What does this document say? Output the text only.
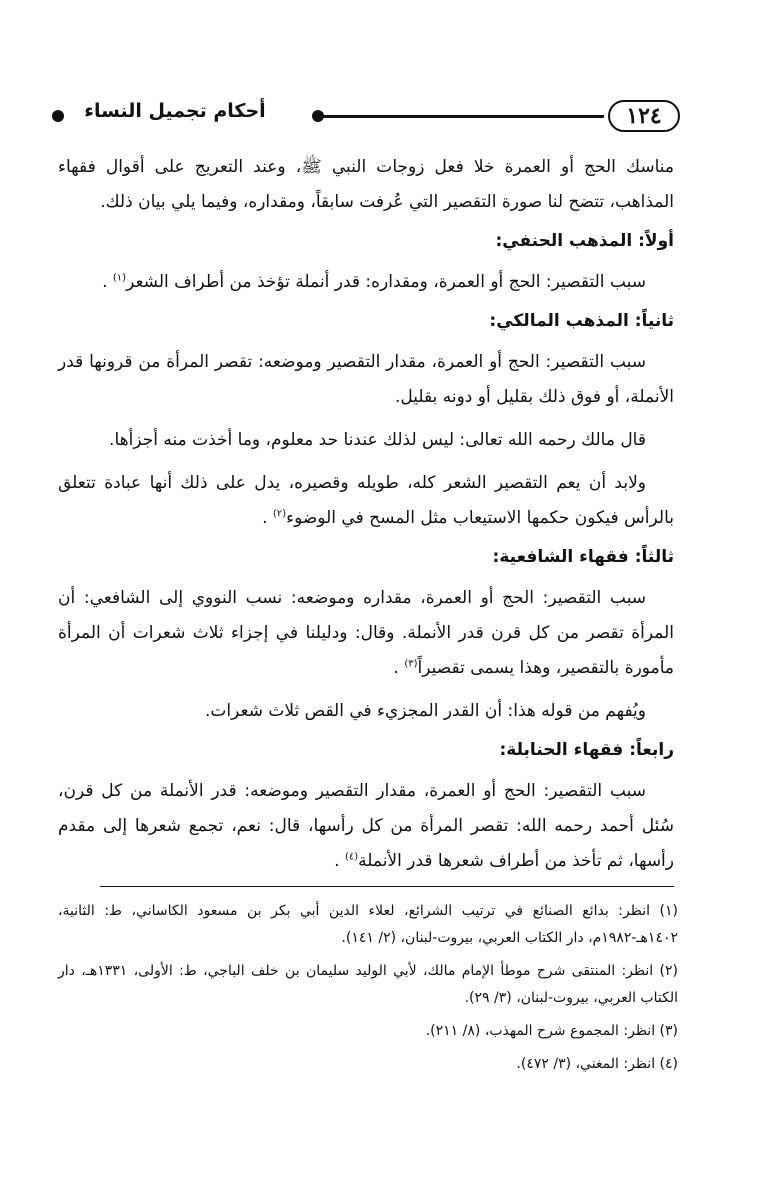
١٢٤
أحكام تجميل النساء

مناسك الحج أو العمرة خلا فعل زوجات النبي ﷺ، وعند التعريج على أقوال فقهاء المذاهب، تتضح لنا صورة التقصير التي عُرفت سابقاً، ومقداره، وفيما يلي بيان ذلك.

أولاً: المذهب الحنفي:

سبب التقصير: الحج أو العمرة، ومقداره: قدر أنملة تؤخذ من أطراف الشعر$^{(١)}$ .

ثانياً: المذهب المالكي:

سبب التقصير: الحج أو العمرة، مقدار التقصير وموضعه: تقصر المرأة من قرونها قدر الأنملة، أو فوق ذلك بقليل أو دونه بقليل.

قال مالك رحمه الله تعالى: ليس لذلك عندنا حد معلوم، وما أخذت منه أجزأها.

ولابد أن يعم التقصير الشعر كله، طويله وقصيره، يدل على ذلك أنها عبادة تتعلق بالرأس فيكون حكمها الاستيعاب مثل المسح في الوضوء$^{(٢)}$ .

ثالثاً: فقهاء الشافعية:

سبب التقصير: الحج أو العمرة، مقداره وموضعه: نسب النووي إلى الشافعي: أن المرأة تقصر من كل قرن قدر الأنملة. وقال: ودليلنا في إجزاء ثلاث شعرات أن المرأة مأمورة بالتقصير، وهذا يسمى تقصيراً$^{(٣)}$ .

ويُفهم من قوله هذا: أن القدر المجزيء في القص ثلاث شعرات.

رابعاً: فقهاء الحنابلة:

سبب التقصير: الحج أو العمرة، مقدار التقصير وموضعه: قدر الأنملة من كل قرن، سُئل أحمد رحمه الله: تقصر المرأة من كل رأسها، قال: نعم، تجمع شعرها إلى مقدم رأسها، ثم تأخذ من أطراف شعرها قدر الأنملة$^{(٤)}$ .

(١) انظر: بدائع الصنائع في ترتيب الشرائع، لعلاء الدين أبي بكر بن مسعود الكاساني، ط: الثانية، ١٤٠٢هـ-١٩٨٢م، دار الكتاب العربي، بيروت-لبنان، (٢/ ١٤١).

(٢) انظر: المنتقى شرح موطأ الإمام مالك، لأبي الوليد سليمان بن خلف الباجي، ط: الأولى، ١٣٣١هـ، دار الكتاب العربي، بيروت-لبنان، (٣/ ٢٩).

(٣) انظر: المجموع شرح المهذب، (٨/ ٢١١).

(٤) انظر: المغني، (٣/ ٤٧٢).
